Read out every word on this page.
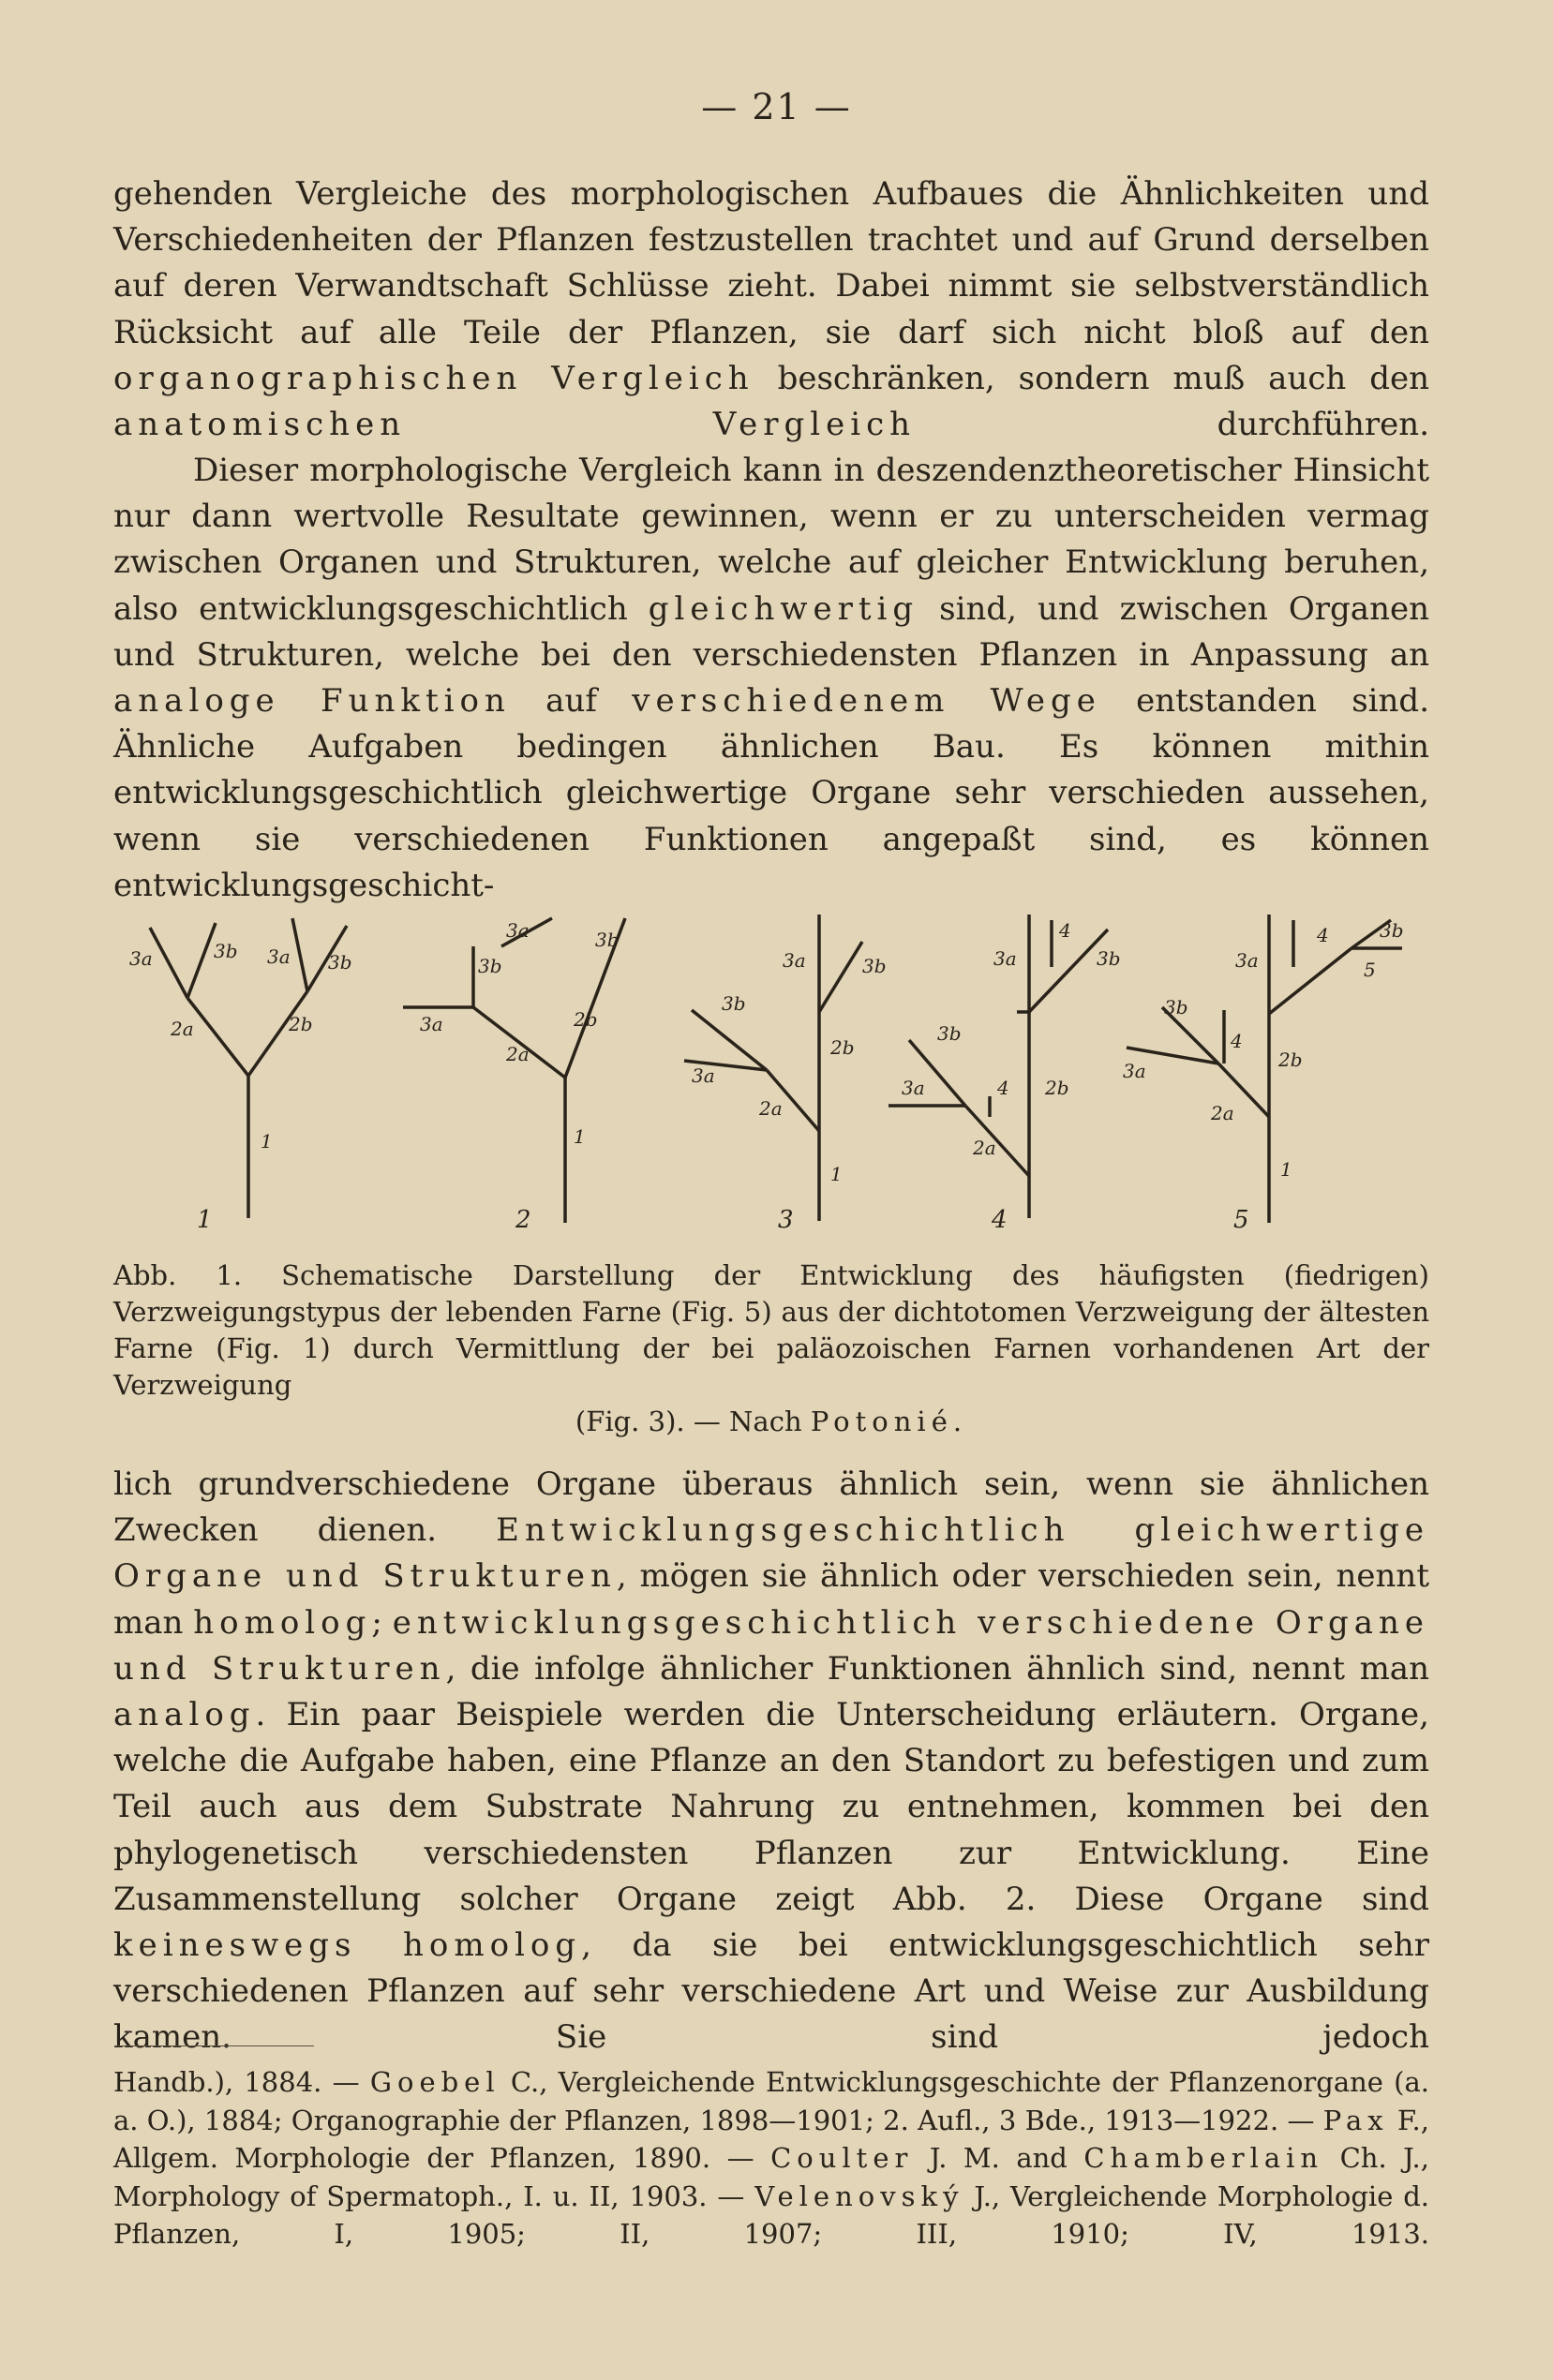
— 21 —

gehenden Vergleiche des morphologischen Aufbaues die Ähnlichkeiten und Verschiedenheiten der Pflanzen festzustellen trachtet und auf Grund derselben auf deren Verwandtschaft Schlüsse zieht. Dabei nimmt sie selbstverständlich Rücksicht auf alle Teile der Pflanzen, sie darf sich nicht bloß auf den organographischen Vergleich beschränken, sondern muß auch den anatomischen Vergleich durchführen.

Dieser morphologische Vergleich kann in deszendenztheoretischer Hinsicht nur dann wertvolle Resultate gewinnen, wenn er zu unterscheiden vermag zwischen Organen und Strukturen, welche auf gleicher Entwicklung beruhen, also entwicklungsgeschichtlich gleichwertig sind, und zwischen Organen und Strukturen, welche bei den verschiedensten Pflanzen in Anpassung an analoge Funktion auf verschiedenem Wege entstanden sind. Ähnliche Aufgaben bedingen ähnlichen Bau. Es können mithin entwicklungsgeschichtlich gleichwertige Organe sehr verschieden aussehen, wenn sie verschiedenen Funktionen angepaßt sind, es können entwicklungsgeschicht-

3a	3b 3a 3b
2a	2b
1
3a	3b
3b
3a
2a
2b
1
3a	3b
3b
3a
2b
2a
1
3a	3b
4
3b
3a	4 2b
2a
3a
3b
4
5
3b
4
2b
3a
2a
1
1	2	3	4	5

Abb. 1. Schematische Darstellung der Entwicklung des häufigsten (fiedrigen) Verzweigungstypus der lebenden Farne (Fig. 5) aus der dichtotomen Verzweigung der ältesten Farne (Fig. 1) durch Vermittlung der bei paläozoischen Farnen vorhandenen Art der Verzweigung
(Fig. 3). — Nach Potonié.

lich grundverschiedene Organe überaus ähnlich sein, wenn sie ähnlichen Zwecken dienen. Entwicklungsgeschichtlich gleichwertige Organe und Strukturen, mögen sie ähnlich oder verschieden sein, nennt man homolog; entwicklungsgeschichtlich verschiedene Organe und Strukturen, die infolge ähnlicher Funktionen ähnlich sind, nennt man analog. Ein paar Beispiele werden die Unterscheidung erläutern. Organe, welche die Aufgabe haben, eine Pflanze an den Standort zu befestigen und zum Teil auch aus dem Substrate Nahrung zu entnehmen, kommen bei den phylogenetisch verschiedensten Pflanzen zur Entwicklung. Eine Zusammenstellung solcher Organe zeigt Abb. 2. Diese Organe sind keineswegs homolog, da sie bei entwicklungsgeschichtlich sehr verschiedenen Pflanzen auf sehr verschiedene Art und Weise zur Ausbildung kamen. Sie sind jedoch

Handb.), 1884. — Goebel C., Vergleichende Entwicklungsgeschichte der Pflanzenorgane (a. a. O.), 1884; Organographie der Pflanzen, 1898—1901; 2. Aufl., 3 Bde., 1913—1922. — Pax F., Allgem. Morphologie der Pflanzen, 1890. — Coulter J. M. and Chamberlain Ch. J., Morphology of Spermatoph., I. u. II, 1903. — Velenovský J., Vergleichende Morphologie d. Pflanzen, I, 1905; II, 1907; III, 1910; IV, 1913.
